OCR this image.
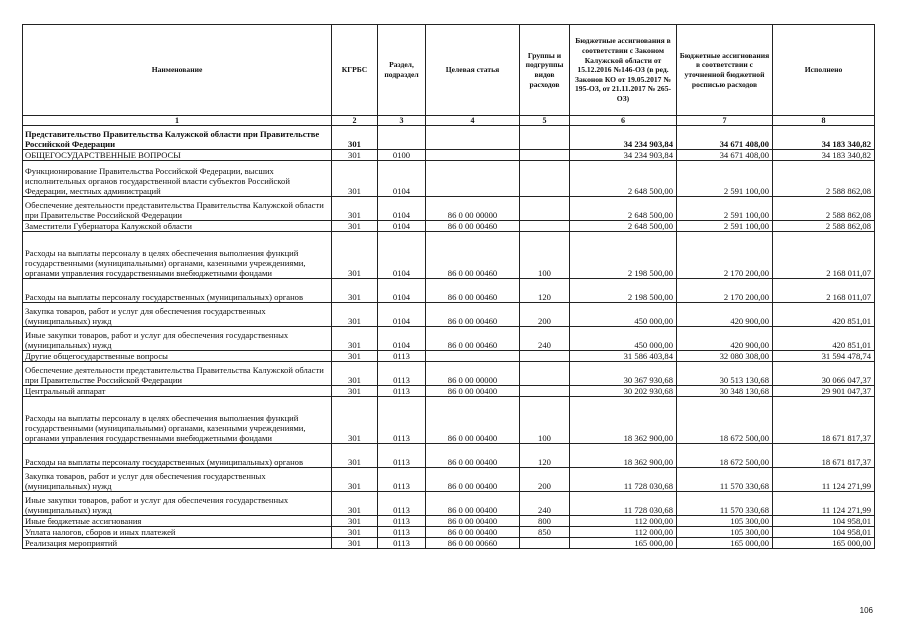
Наименование	КГРБС	Раздел, подраздел	Целевая статья	Группы и подгруппы видов расходов	Бюджетные ассигнования в соответствии с Законом Калужской области от 15.12.2016 №146-ОЗ (в ред. Законов КО от 19.05.2017 № 195-ОЗ, от 21.11.2017 № 265-ОЗ)	Бюджетные ассигнования в соответствии с уточненной бюджетной росписью расходов	Исполнено
1	2	3	4	5	6	7	8
Представительство Правительства Калужской области при Правительстве Российской Федерации	301				34 234 903,84	34 671 408,00	34 183 340,82
ОБЩЕГОСУДАРСТВЕННЫЕ ВОПРОСЫ	301	0100			34 234 903,84	34 671 408,00	34 183 340,82
Функционирование Правительства Российской Федерации, высших исполнительных органов государственной власти субъектов Российской Федерации, местных администраций	301	0104			2 648 500,00	2 591 100,00	2 588 862,08
Обеспечение деятельности представительства Правительства Калужской области при Правительстве Российской Федерации	301	0104	86 0 00 00000		2 648 500,00	2 591 100,00	2 588 862,08
Заместители Губернатора Калужской области	301	0104	86 0 00 00460		2 648 500,00	2 591 100,00	2 588 862,08
Расходы на выплаты персоналу в целях обеспечения выполнения функций государственными (муниципальными) органами, казенными учреждениями, органами управления государственными внебюджетными фондами	301	0104	86 0 00 00460	100	2 198 500,00	2 170 200,00	2 168 011,07
Расходы на выплаты персоналу государственных (муниципальных) органов	301	0104	86 0 00 00460	120	2 198 500,00	2 170 200,00	2 168 011,07
Закупка товаров, работ и услуг для обеспечения государственных (муниципальных) нужд	301	0104	86 0 00 00460	200	450 000,00	420 900,00	420 851,01
Иные закупки товаров, работ и услуг для обеспечения государственных (муниципальных) нужд	301	0104	86 0 00 00460	240	450 000,00	420 900,00	420 851,01
Другие общегосударственные вопросы	301	0113			31 586 403,84	32 080 308,00	31 594 478,74
Обеспечение деятельности представительства Правительства Калужской области при Правительстве Российской Федерации	301	0113	86 0 00 00000		30 367 930,68	30 513 130,68	30 066 047,37
Центральный аппарат	301	0113	86 0 00 00400		30 202 930,68	30 348 130,68	29 901 047,37
Расходы на выплаты персоналу в целях обеспечения выполнения функций государственными (муниципальными) органами, казенными учреждениями, органами управления государственными внебюджетными фондами	301	0113	86 0 00 00400	100	18 362 900,00	18 672 500,00	18 671 817,37
Расходы на выплаты персоналу государственных (муниципальных) органов	301	0113	86 0 00 00400	120	18 362 900,00	18 672 500,00	18 671 817,37
Закупка товаров, работ и услуг для обеспечения государственных (муниципальных) нужд	301	0113	86 0 00 00400	200	11 728 030,68	11 570 330,68	11 124 271,99
Иные закупки товаров, работ и услуг для обеспечения государственных (муниципальных) нужд	301	0113	86 0 00 00400	240	11 728 030,68	11 570 330,68	11 124 271,99
Иные бюджетные ассигнования	301	0113	86 0 00 00400	800	112 000,00	105 300,00	104 958,01
Уплата налогов, сборов и иных платежей	301	0113	86 0 00 00400	850	112 000,00	105 300,00	104 958,01
Реализация мероприятий	301	0113	86 0 00 00660		165 000,00	165 000,00	165 000,00
106
